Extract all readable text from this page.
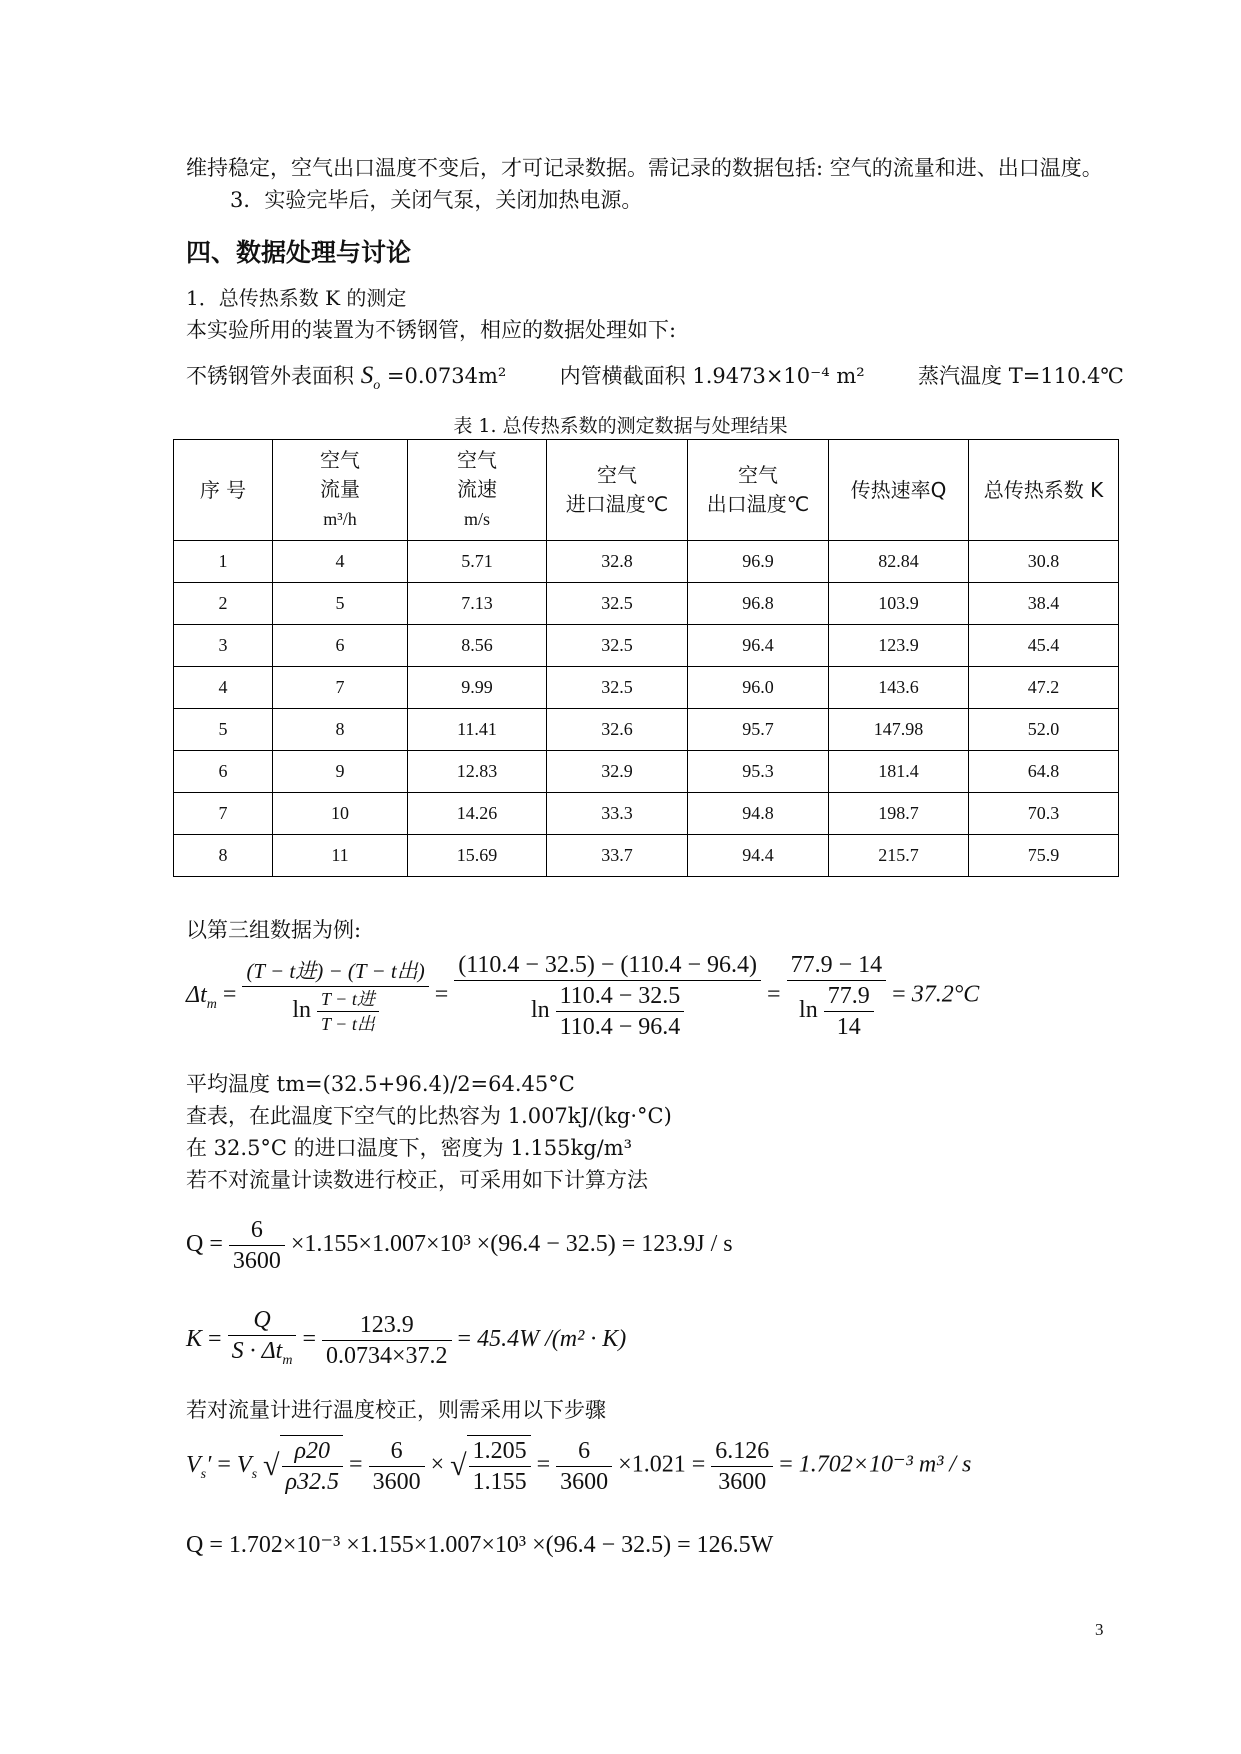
维持稳定，空气出口温度不变后，才可记录数据。需记录的数据包括: 空气的流量和进、出口温度。
3．实验完毕后，关闭气泵，关闭加热电源。
四、数据处理与讨论
1．总传热系数 K 的测定
本实验所用的装置为不锈钢管，相应的数据处理如下:
不锈钢管外表面积 $S_o =0.0734m^2$	内管横截面积 1.9473×10⁻⁴ m²	蒸汽温度 T=110.4℃
表 1. 总传热系数的测定数据与处理结果
序 号	空气
流量
m³/h	空气
流速
m/s	空气
进口温度℃	空气
出口温度℃	传热速率Q	总传热系数 K
1	4	5.71	32.8	96.9	82.84	30.8
2	5	7.13	32.5	96.8	103.9	38.4
3	6	8.56	32.5	96.4	123.9	45.4
4	7	9.99	32.5	96.0	143.6	47.2
5	8	11.41	32.6	95.7	147.98	52.0
6	9	12.83	32.9	95.3	181.4	64.8
7	10	14.26	33.3	94.8	198.7	70.3
8	11	15.69	33.7	94.4	215.7	75.9
以第三组数据为例:
$\Delta t_m = \frac{\text{(T − t进) − (T − t出)}}{\ln \frac{\text{T − t进}}{\text{T − t出}}} = \frac{(110.4 - 32.5) - (110.4 - 96.4)}{\ln \frac{110.4 - 32.5}{110.4 - 96.4}} = \frac{77.9 - 14}{\ln \frac{77.9}{14}} = 37.2^\circ C$
平均温度 tm=(32.5+96.4)/2=64.45°C
查表，在此温度下空气的比热容为 1.007kJ/(kg·°C)
在 32.5°C 的进口温度下，密度为 1.155kg/m³
若不对流量计读数进行校正，可采用如下计算方法
$Q = \frac{6}{3600} \times 1.155\times 1.007\times 10^3 \times(96.4 - 32.5) = 123.9J / s$
$K = \frac{Q}{S \cdot \Delta t_m} = \frac{123.9}{0.0734\times 37.2} = 45.4W$ /(m² · K)
若对流量计进行温度校正，则需采用以下步骤
$V_s' = V_s$ √ $\frac{\rho 20}{\rho 32.5} = \frac{6}{3600}$ × √ $\frac{1.205}{1.155} = \frac{6}{3600} \times 1.021 = \frac{6.126}{3600} = 1.702\times 10^{-3}$ m³ / s
Q = 1.702×10⁻³ ×1.155×1.007×10³ ×(96.4 − 32.5) = 126.5W
3
